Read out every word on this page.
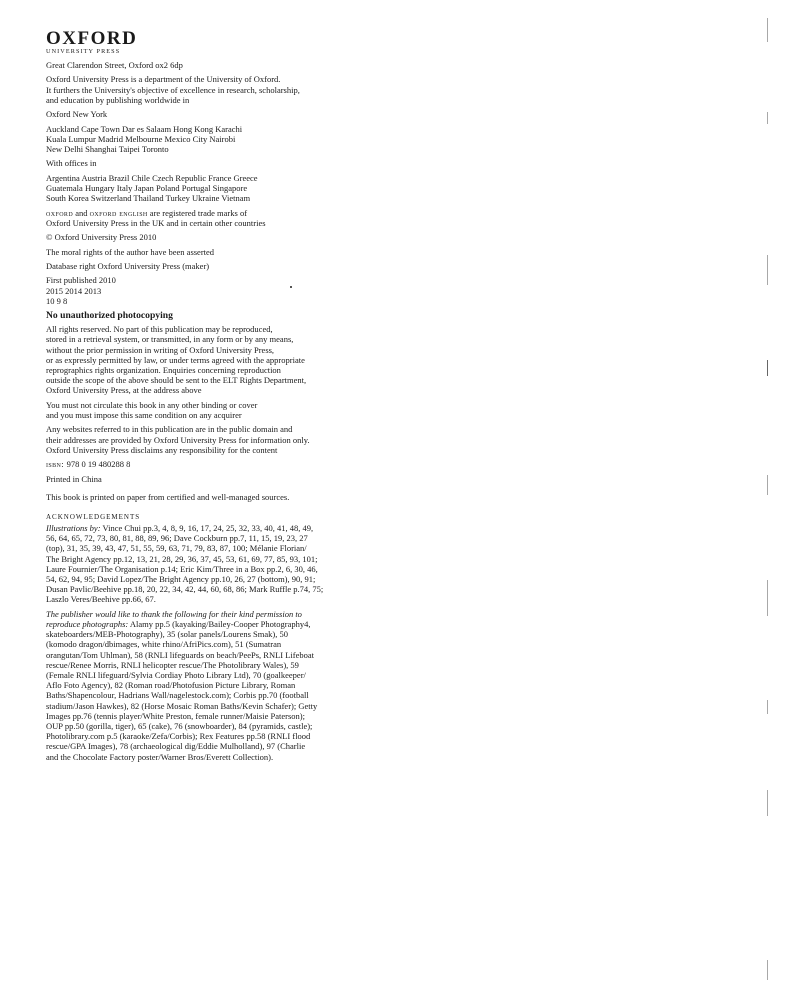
OXFORD
UNIVERSITY PRESS
Great Clarendon Street, Oxford ox2 6dp
Oxford University Press is a department of the University of Oxford.
It furthers the University's objective of excellence in research, scholarship,
and education by publishing worldwide in
Oxford New York
Auckland Cape Town Dar es Salaam Hong Kong Karachi
Kuala Lumpur Madrid Melbourne Mexico City Nairobi
New Delhi Shanghai Taipei Toronto
With offices in
Argentina Austria Brazil Chile Czech Republic France Greece
Guatemala Hungary Italy Japan Poland Portugal Singapore
South Korea Switzerland Thailand Turkey Ukraine Vietnam
oxford and oxford english are registered trade marks of
Oxford University Press in the UK and in certain other countries
© Oxford University Press 2010
The moral rights of the author have been asserted
Database right Oxford University Press (maker)
First published 2010
2015 2014 2013
10 9 8
No unauthorized photocopying
All rights reserved. No part of this publication may be reproduced,
stored in a retrieval system, or transmitted, in any form or by any means,
without the prior permission in writing of Oxford University Press,
or as expressly permitted by law, or under terms agreed with the appropriate
reprographics rights organization. Enquiries concerning reproduction
outside the scope of the above should be sent to the ELT Rights Department,
Oxford University Press, at the address above
You must not circulate this book in any other binding or cover
and you must impose this same condition on any acquirer
Any websites referred to in this publication are in the public domain and
their addresses are provided by Oxford University Press for information only.
Oxford University Press disclaims any responsibility for the content
isbn: 978 0 19 480288 8
Printed in China
This book is printed on paper from certified and well-managed sources.
ACKNOWLEDGEMENTS
Illustrations by: Vince Chui pp.3, 4, 8, 9, 16, 17, 24, 25, 32, 33, 40, 41, 48, 49,
56, 64, 65, 72, 73, 80, 81, 88, 89, 96; Dave Cockburn pp.7, 11, 15, 19, 23, 27
(top), 31, 35, 39, 43, 47, 51, 55, 59, 63, 71, 79, 83, 87, 100; Mélanie Florian/
The Bright Agency pp.12, 13, 21, 28, 29, 36, 37, 45, 53, 61, 69, 77, 85, 93, 101;
Laure Fournier/The Organisation p.14; Eric Kim/Three in a Box pp.2, 6, 30, 46,
54, 62, 94, 95; David Lopez/The Bright Agency pp.10, 26, 27 (bottom), 90, 91;
Dusan Pavlic/Beehive pp.18, 20, 22, 34, 42, 44, 60, 68, 86; Mark Ruffle p.74, 75;
Laszlo Veres/Beehive pp.66, 67.
The publisher would like to thank the following for their kind permission to
reproduce photographs: Alamy pp.5 (kayaking/Bailey-Cooper Photography4,
skateboarders/MEB-Photography), 35 (solar panels/Lourens Smak), 50
(komodo dragon/dbimages, white rhino/AfriPics.com), 51 (Sumatran
orangutan/Tom Uhlman), 58 (RNLI lifeguards on beach/PeePs, RNLI Lifeboat
rescue/Renee Morris, RNLI helicopter rescue/The Photolibrary Wales), 59
(Female RNLI lifeguard/Sylvia Cordiay Photo Library Ltd), 70 (goalkeeper/
Aflo Foto Agency), 82 (Roman road/Photofusion Picture Library, Roman
Baths/Shapencolour, Hadrians Wall/nagelestock.com); Corbis pp.70 (football
stadium/Jason Hawkes), 82 (Horse Mosaic Roman Baths/Kevin Schafer); Getty
Images pp.76 (tennis player/White Preston, female runner/Maisie Paterson);
OUP pp.50 (gorilla, tiger), 65 (cake), 76 (snowboarder), 84 (pyramids, castle);
Photolibrary.com p.5 (karaoke/Zefa/Corbis); Rex Features pp.58 (RNLI flood
rescue/GPA Images), 78 (archaeological dig/Eddie Mulholland), 97 (Charlie
and the Chocolate Factory poster/Warner Bros/Everett Collection).
